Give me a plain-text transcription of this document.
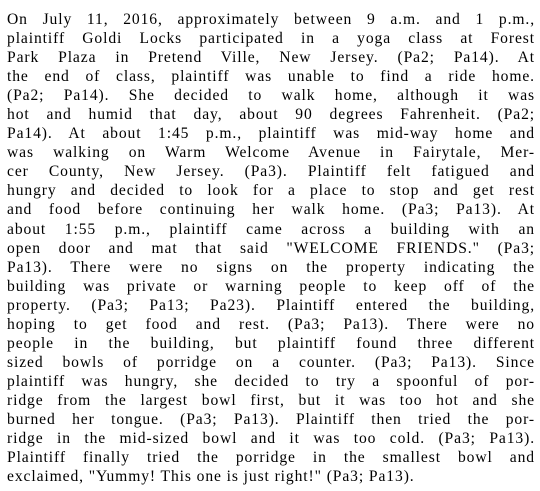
On July 11, 2016, approximately between 9 a.m. and 1 p.m.,
plaintiff Goldi Locks participated in a yoga class at Forest
Park Plaza in Pretend Ville, New Jersey. (Pa2; Pa14). At
the end of class, plaintiff was unable to find a ride home.
(Pa2; Pa14). She decided to walk home, although it was
hot and humid that day, about 90 degrees Fahrenheit. (Pa2;
Pa14). At about 1:45 p.m., plaintiff was mid-way home and
was walking on Warm Welcome Avenue in Fairytale, Mer-
cer County, New Jersey. (Pa3). Plaintiff felt fatigued and
hungry and decided to look for a place to stop and get rest
and food before continuing her walk home. (Pa3; Pa13). At
about 1:55 p.m., plaintiff came across a building with an
open door and mat that said "WELCOME FRIENDS." (Pa3;
Pa13). There were no signs on the property indicating the
building was private or warning people to keep off of the
property. (Pa3; Pa13; Pa23). Plaintiff entered the building,
hoping to get food and rest. (Pa3; Pa13). There were no
people in the building, but plaintiff found three different
sized bowls of porridge on a counter. (Pa3; Pa13). Since
plaintiff was hungry, she decided to try a spoonful of por-
ridge from the largest bowl first, but it was too hot and she
burned her tongue. (Pa3; Pa13). Plaintiff then tried the por-
ridge in the mid-sized bowl and it was too cold. (Pa3; Pa13).
Plaintiff finally tried the porridge in the smallest bowl and
exclaimed, "Yummy! This one is just right!" (Pa3; Pa13).
